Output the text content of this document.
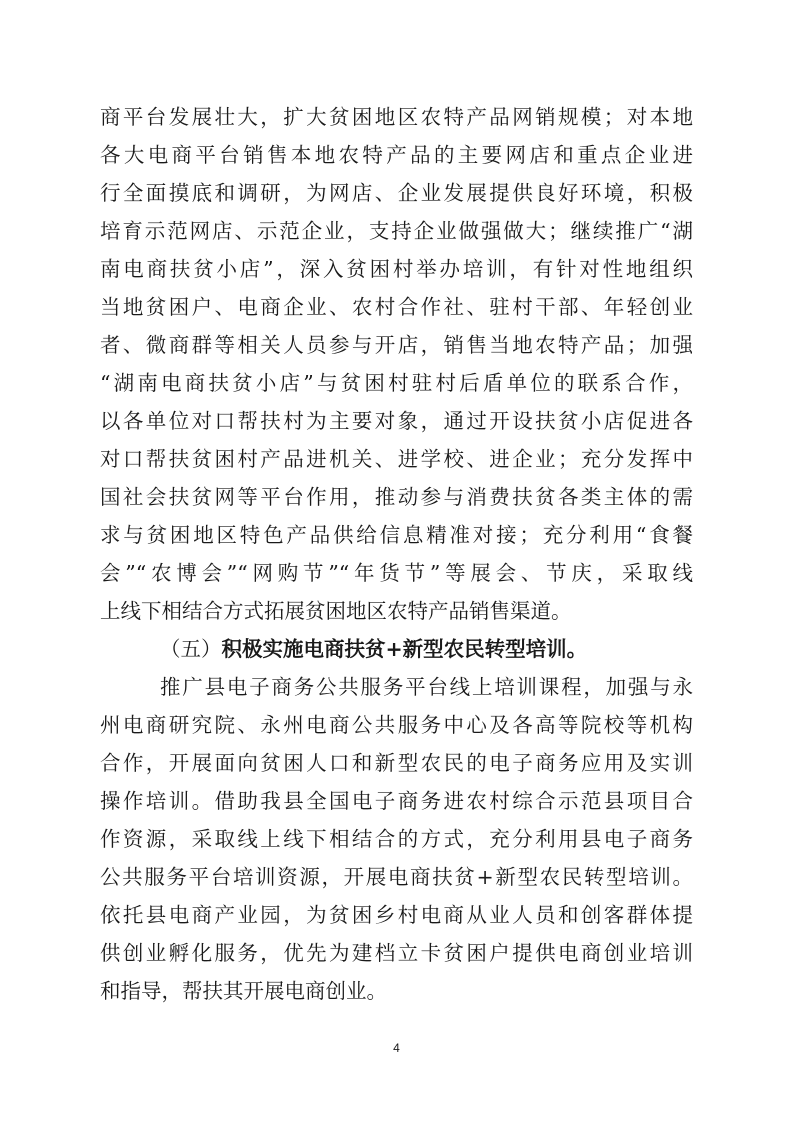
商平台发展壮大，扩大贫困地区农特产品网销规模；对本地
各大电商平台销售本地农特产品的主要网店和重点企业进
行全面摸底和调研，为网店、企业发展提供良好环境，积极
培育示范网店、示范企业，支持企业做强做大；继续推广“湖
南电商扶贫小店”，深入贫困村举办培训，有针对性地组织
当地贫困户、电商企业、农村合作社、驻村干部、年轻创业
者、微商群等相关人员参与开店，销售当地农特产品；加强
“湖南电商扶贫小店”与贫困村驻村后盾单位的联系合作，
以各单位对口帮扶村为主要对象，通过开设扶贫小店促进各
对口帮扶贫困村产品进机关、进学校、进企业；充分发挥中
国社会扶贫网等平台作用，推动参与消费扶贫各类主体的需
求与贫困地区特色产品供给信息精准对接；充分利用“食餐
会”“农博会”“网购节”“年货节”等展会、节庆，采取线
上线下相结合方式拓展贫困地区农特产品销售渠道。
（五）积极实施电商扶贫+新型农民转型培训。
推广县电子商务公共服务平台线上培训课程，加强与永
州电商研究院、永州电商公共服务中心及各高等院校等机构
合作，开展面向贫困人口和新型农民的电子商务应用及实训
操作培训。借助我县全国电子商务进农村综合示范县项目合
作资源，采取线上线下相结合的方式，充分利用县电子商务
公共服务平台培训资源，开展电商扶贫+新型农民转型培训。
依托县电商产业园，为贫困乡村电商从业人员和创客群体提
供创业孵化服务，优先为建档立卡贫困户提供电商创业培训
和指导，帮扶其开展电商创业。
4
